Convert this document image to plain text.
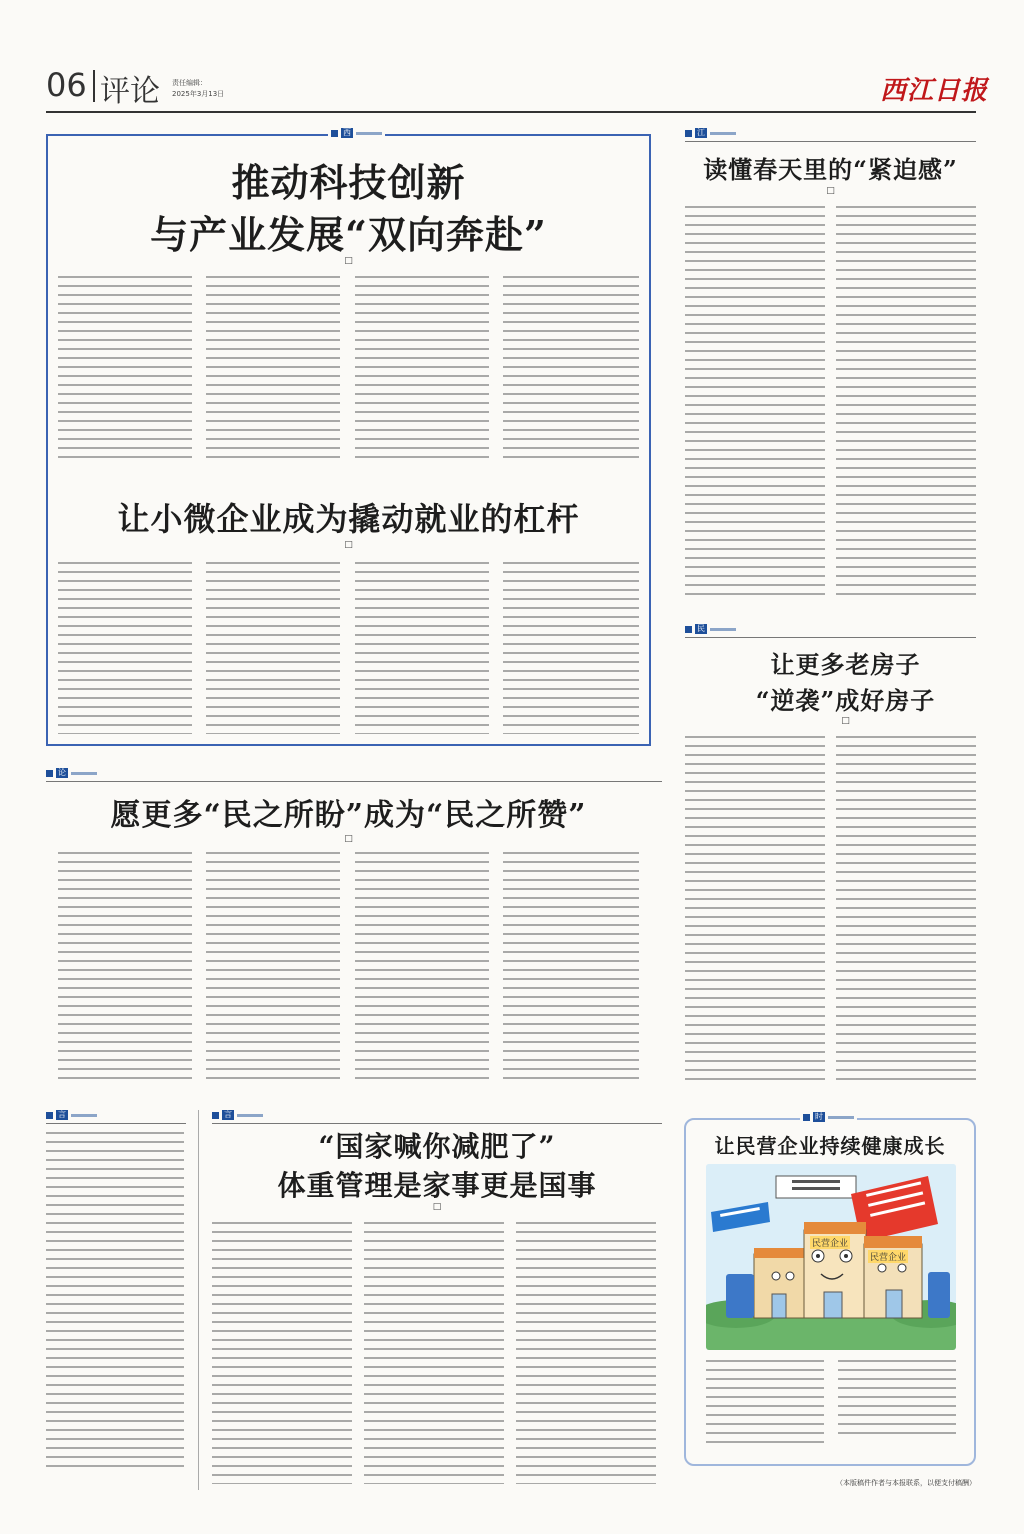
06 评论 责任编辑：
2025年3月13日	西江日报
西
推动科技创新
与产业发展“双向奔赴”
□
让小微企业成为撬动就业的杠杆
□
江
读懂春天里的“紧迫感”
□
民
让更多老房子
“逆袭”成好房子
□
论
愿更多“民之所盼”成为“民之所赞”
□
言	言
“国家喊你减肥了”
体重管理是家事更是国事
□
时
让民营企业持续健康成长
民营企业
民营企业
（本版稿件作者与本报联系，以便支付稿酬）
